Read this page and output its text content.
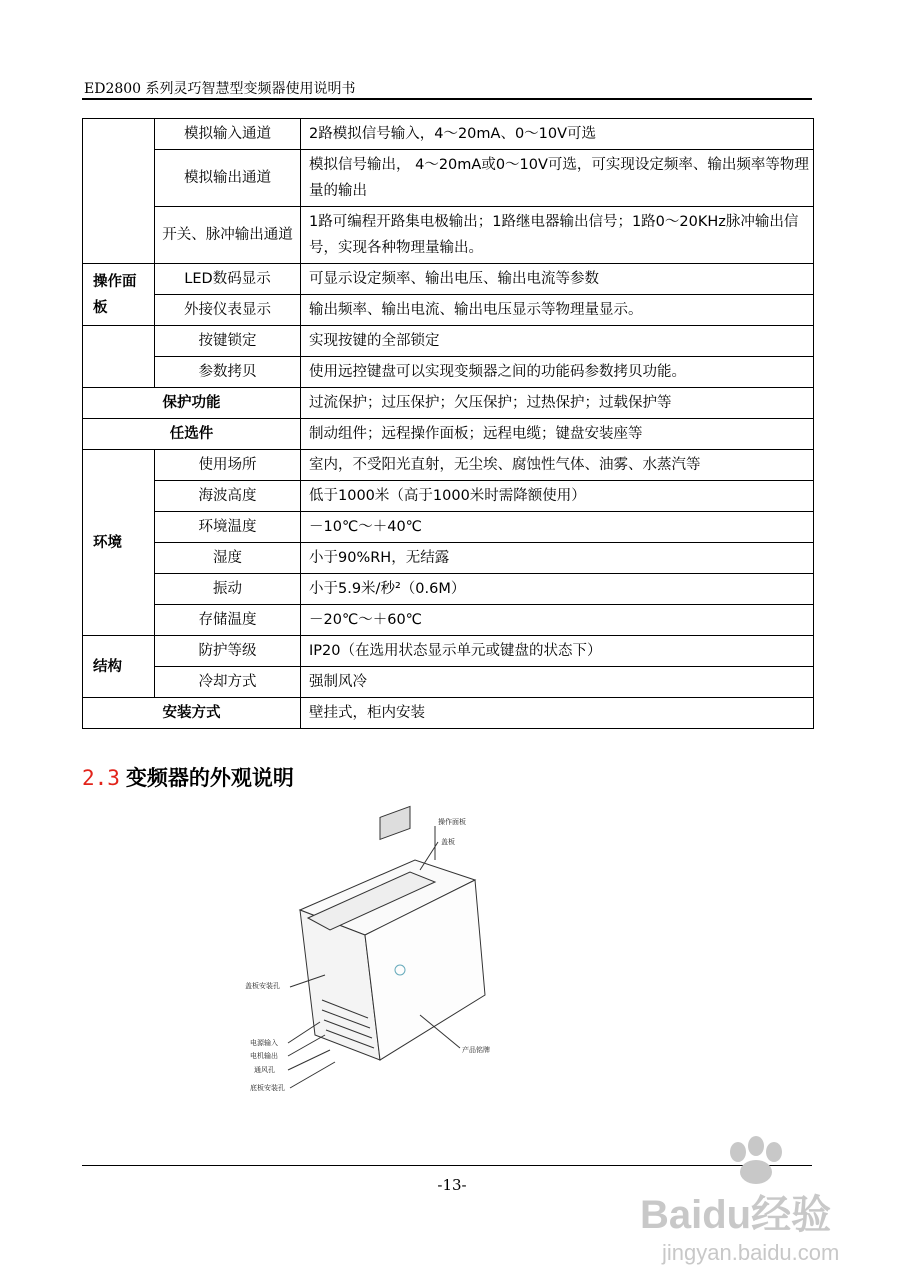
ED2800 系列灵巧智慧型变频器使用说明书
	模拟输入通道	2路模拟信号输入，4～20mA、0～10V可选
	模拟输出通道	模拟信号输出， 4～20mA或0～10V可选，可实现设定频率、输出频率等物理量的输出
	开关、脉冲输出通道	1路可编程开路集电极输出；1路继电器输出信号；1路0～20KHz脉冲输出信号，实现各种物理量输出。
操作面板	LED数码显示	可显示设定频率、输出电压、输出电流等参数
	外接仪表显示	输出频率、输出电流、输出电压显示等物理量显示。
	按键锁定	实现按键的全部锁定
	参数拷贝	使用远控键盘可以实现变频器之间的功能码参数拷贝功能。
保护功能		过流保护；过压保护；欠压保护；过热保护；过载保护等
任选件		制动组件；远程操作面板；远程电缆；键盘安装座等
环境	使用场所	室内，不受阳光直射，无尘埃、腐蚀性气体、油雾、水蒸汽等
	海波高度	低于1000米（高于1000米时需降额使用）
	环境温度	－10℃～＋40℃
	湿度	小于90%RH，无结露
	振动	小于5.9米/秒²（0.6M）
	存储温度	－20℃～＋60℃
结构	防护等级	IP20（在选用状态显示单元或键盘的状态下）
	冷却方式	强制风冷
安装方式		壁挂式，柜内安装
2.3 变频器的外观说明
操作面板
盖板
盖板安装孔
电源输入
电机输出
通风孔
底板安装孔
产品铭牌
-13-
Baidu经验
jingyan.baidu.com
